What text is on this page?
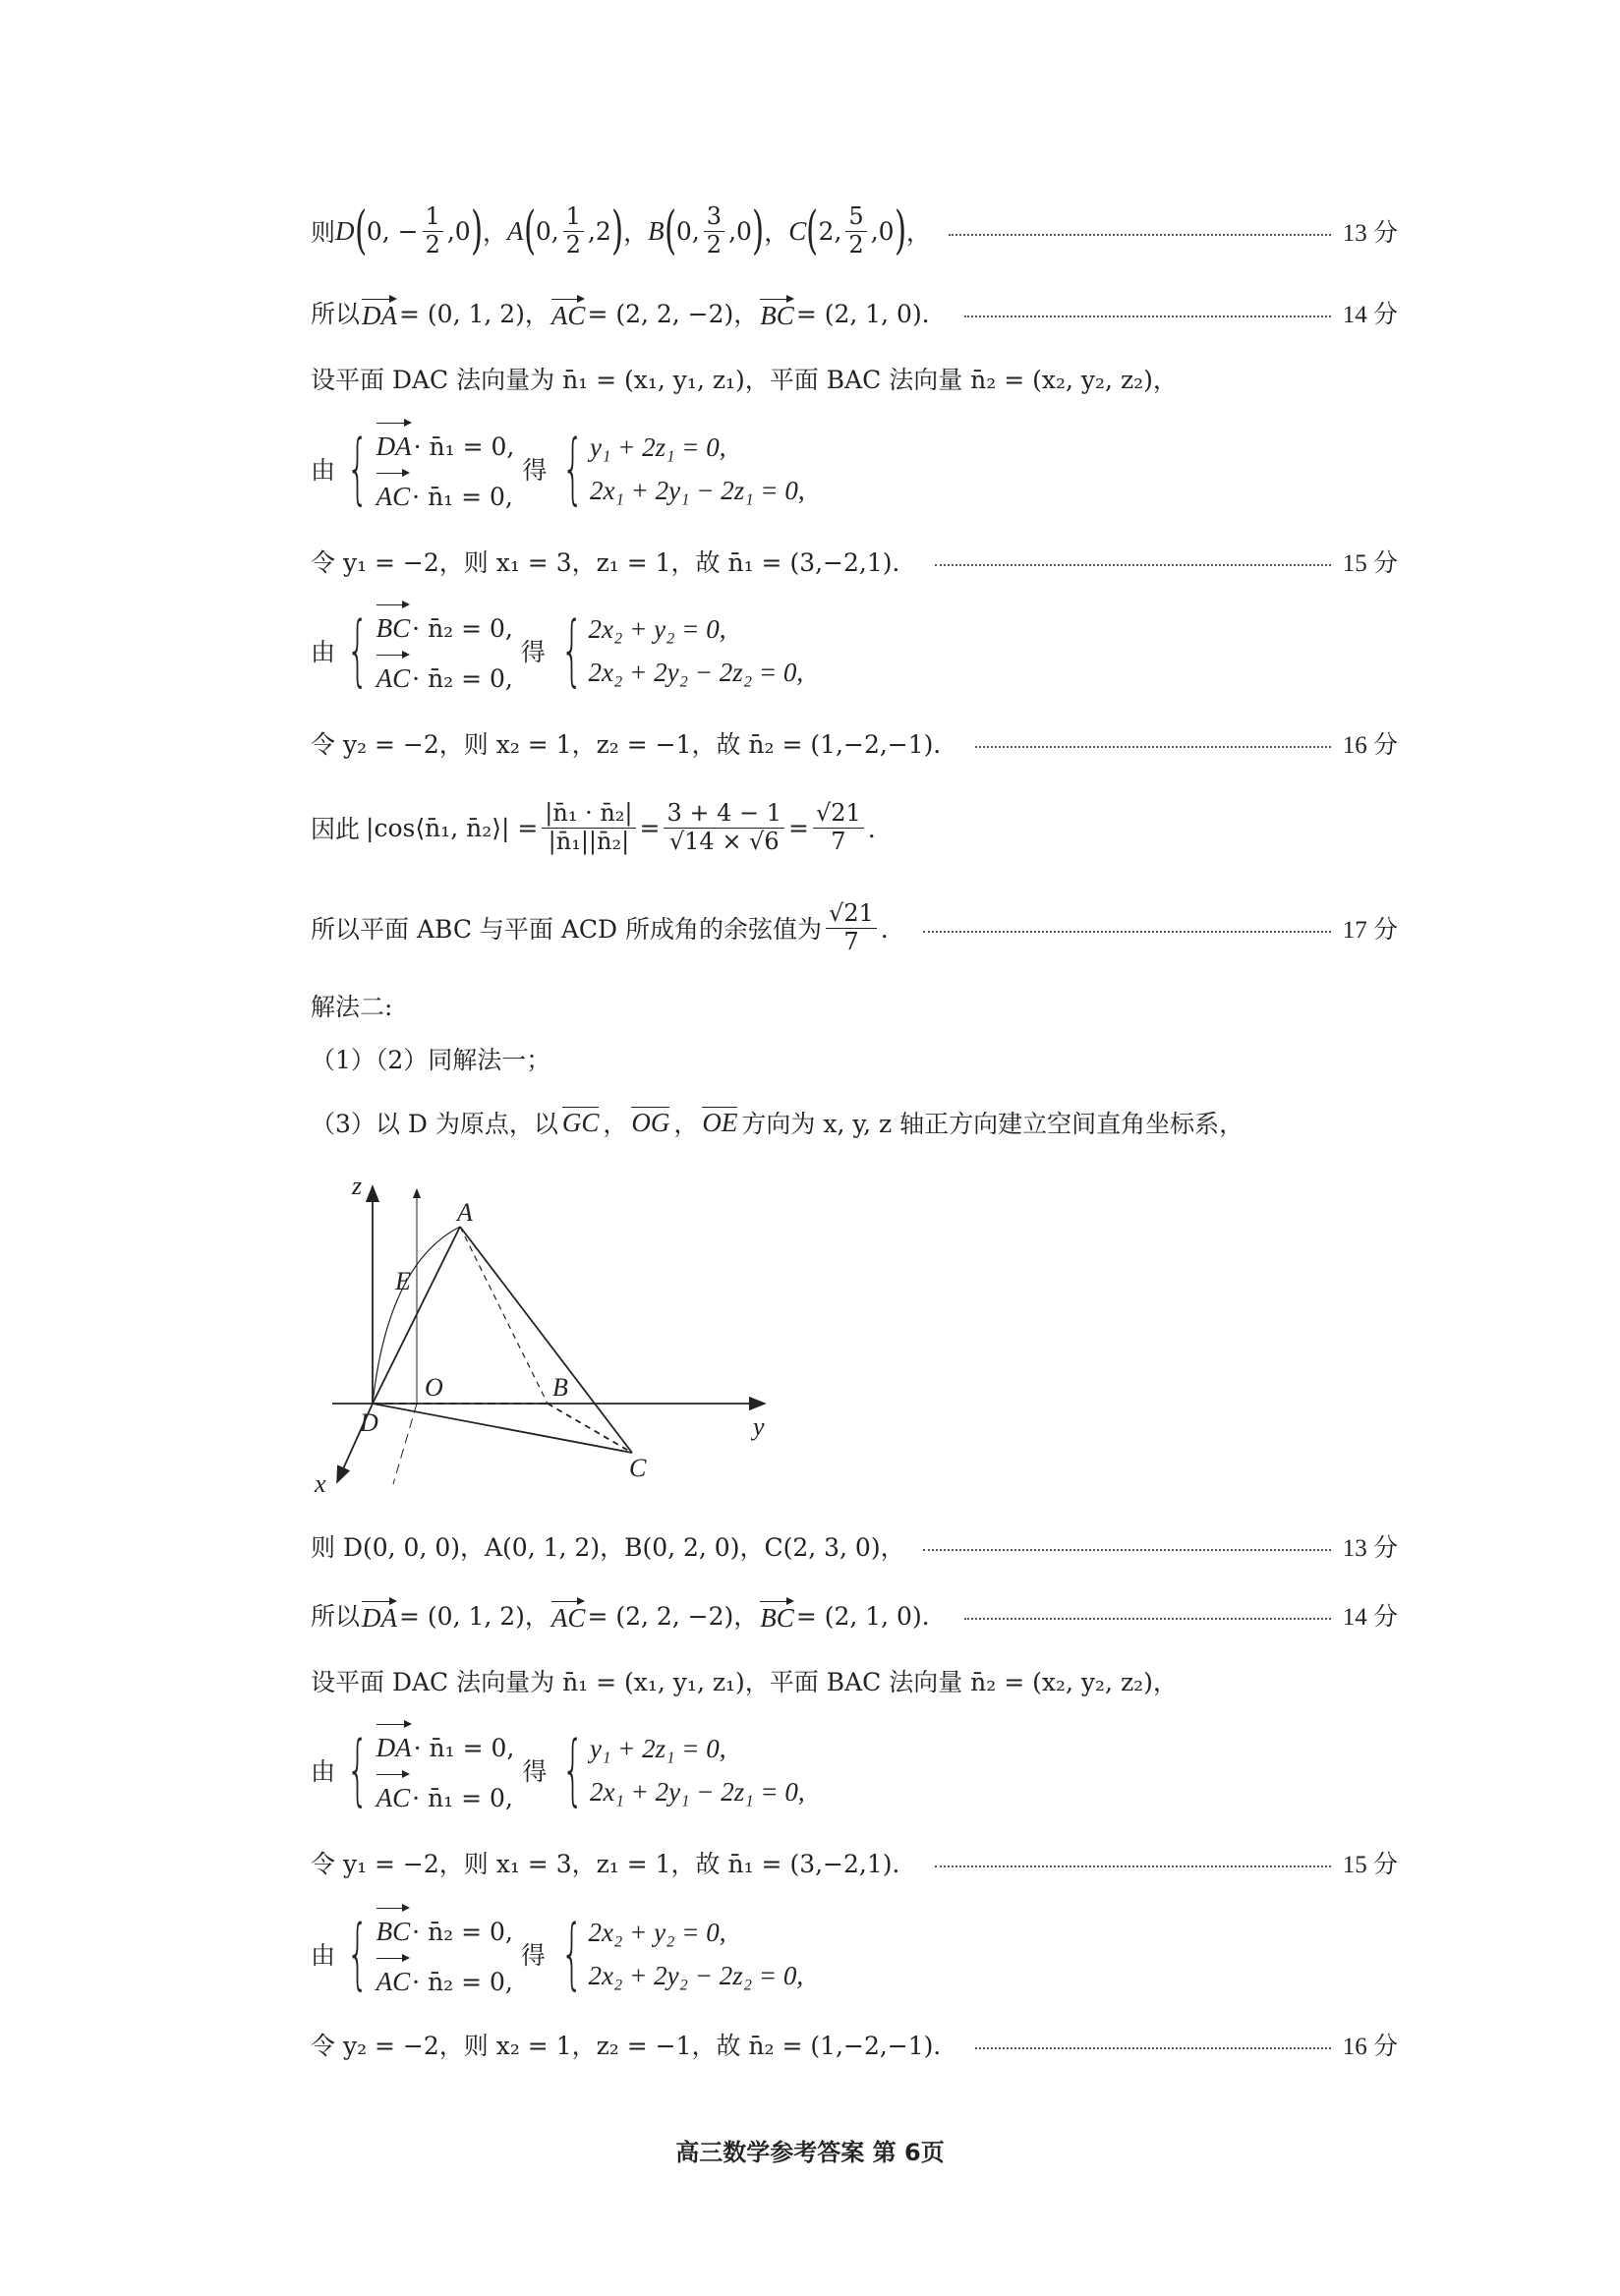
则 D ( 0, − $\frac{1}{2} ,0$ ) ， A ( 0, $\frac{1}{2} ,2$ ) ， B ( 0, $\frac{3}{2} ,0$ ) ， C ( 2, $\frac{5}{2} ,0$ ) ，	13 分
所以 DA = (0, 1, 2)， AC = (2, 2, −2)， BC = (2, 1, 0)．	14 分
设平面 DAC 法向量为 n̄₁ = (x₁, y₁, z₁)，平面 BAC 法向量 n̄₂ = (x₂, y₂, z₂)，
由 { DA· n̄₁ = 0,
AC· n̄₁ = 0,
得 { y₁ + 2z₁ = 0,
2x₁ + 2y₁ − 2z₁ = 0,
令 y₁ = −2，则 x₁ = 3，z₁ = 1，故 n̄₁ = (3,−2,1)．	15 分
由 { BC· n̄₂ = 0,
AC· n̄₂ = 0,
得 { 2x₂ + y₂ = 0,
2x₂ + 2y₂ − 2z₂ = 0,
令 y₂ = −2，则 x₂ = 1，z₂ = −1，故 n̄₂ = (1,−2,−1)．	16 分
因此 |cos⟨n̄₁, n̄₂⟩| = $\frac{\text{|n̄₁ · n̄₂|}}{\text{|n̄₁||n̄₂|}} = \frac{3 + 4 - 1}{√14 \times √6} = \frac{√21}{7}$ ．
所以平面 ABC 与平面 ACD 所成角的余弦值为 $\frac{√21}{7}$ ．	17 分
解法二:
（1）（2）同解法一；
（3）以 D 为原点，以 GC ， OG ， OE 方向为 x, y, z 轴正方向建立空间直角坐标系，
z
A
E
O	B
D	y
x
C
则 D(0, 0, 0)，A(0, 1, 2)，B(0, 2, 0)，C(2, 3, 0)，	13 分
所以 DA = (0, 1, 2)， AC = (2, 2, −2)， BC = (2, 1, 0)．	14 分
设平面 DAC 法向量为 n̄₁ = (x₁, y₁, z₁)，平面 BAC 法向量 n̄₂ = (x₂, y₂, z₂)，
由 { DA· n̄₁ = 0,
AC· n̄₁ = 0,
得 { y₁ + 2z₁ = 0,
2x₁ + 2y₁ − 2z₁ = 0,
令 y₁ = −2，则 x₁ = 3，z₁ = 1，故 n̄₁ = (3,−2,1)．	15 分
由 { BC· n̄₂ = 0,
AC· n̄₂ = 0,
得 { 2x₂ + y₂ = 0,
2x₂ + 2y₂ − 2z₂ = 0,
令 y₂ = −2，则 x₂ = 1，z₂ = −1，故 n̄₂ = (1,−2,−1)．	16 分
高三数学参考答案 第 6页
